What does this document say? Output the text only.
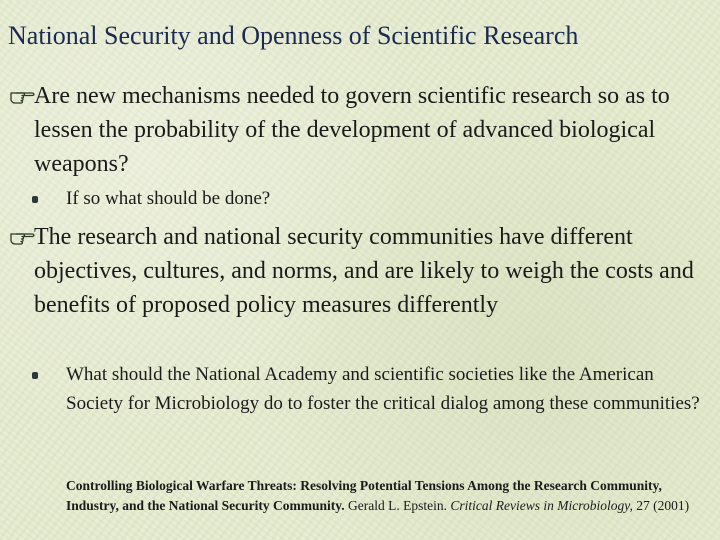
National Security and Openness of Scientific Research
Are new mechanisms needed to govern scientific research so as to lessen the probability of the development of advanced biological weapons?
If so what should be done?
The research and national security communities have different objectives, cultures, and norms, and are likely to weigh the costs and benefits of proposed policy measures differently
What should the National Academy and scientific societies like the American Society for Microbiology do to foster the critical dialog among these communities?
Controlling Biological Warfare Threats: Resolving Potential Tensions Among the Research Community, Industry, and the National Security Community. Gerald L. Epstein. Critical Reviews in Microbiology, 27 (2001)
